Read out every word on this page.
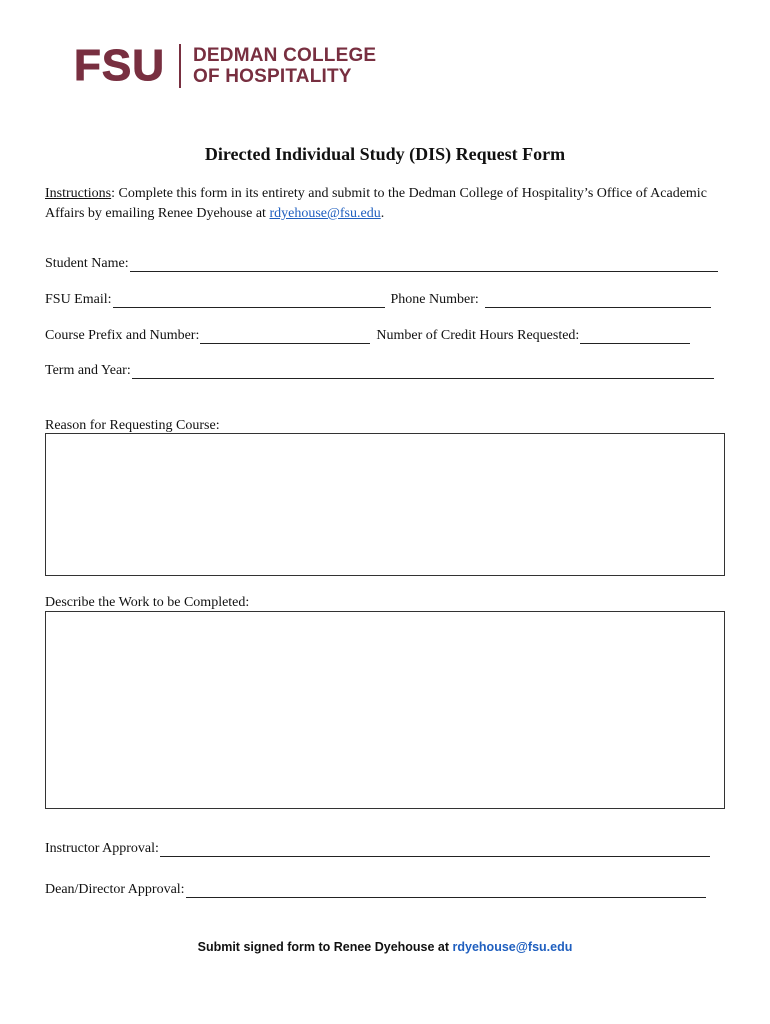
FSU DEDMAN COLLEGE
OF HOSPITALITY
Directed Individual Study (DIS) Request Form
Instructions: Complete this form in its entirety and submit to the Dedman College of Hospitality’s Office of Academic Affairs by emailing Renee Dyehouse at rdyehouse@fsu.edu.
Student Name:
FSU Email:	Phone Number:
Course Prefix and Number:	Number of Credit Hours Requested:
Term and Year:
Reason for Requesting Course:
Describe the Work to be Completed:
Instructor Approval:
Dean/Director Approval:
Submit signed form to Renee Dyehouse at rdyehouse@fsu.edu
